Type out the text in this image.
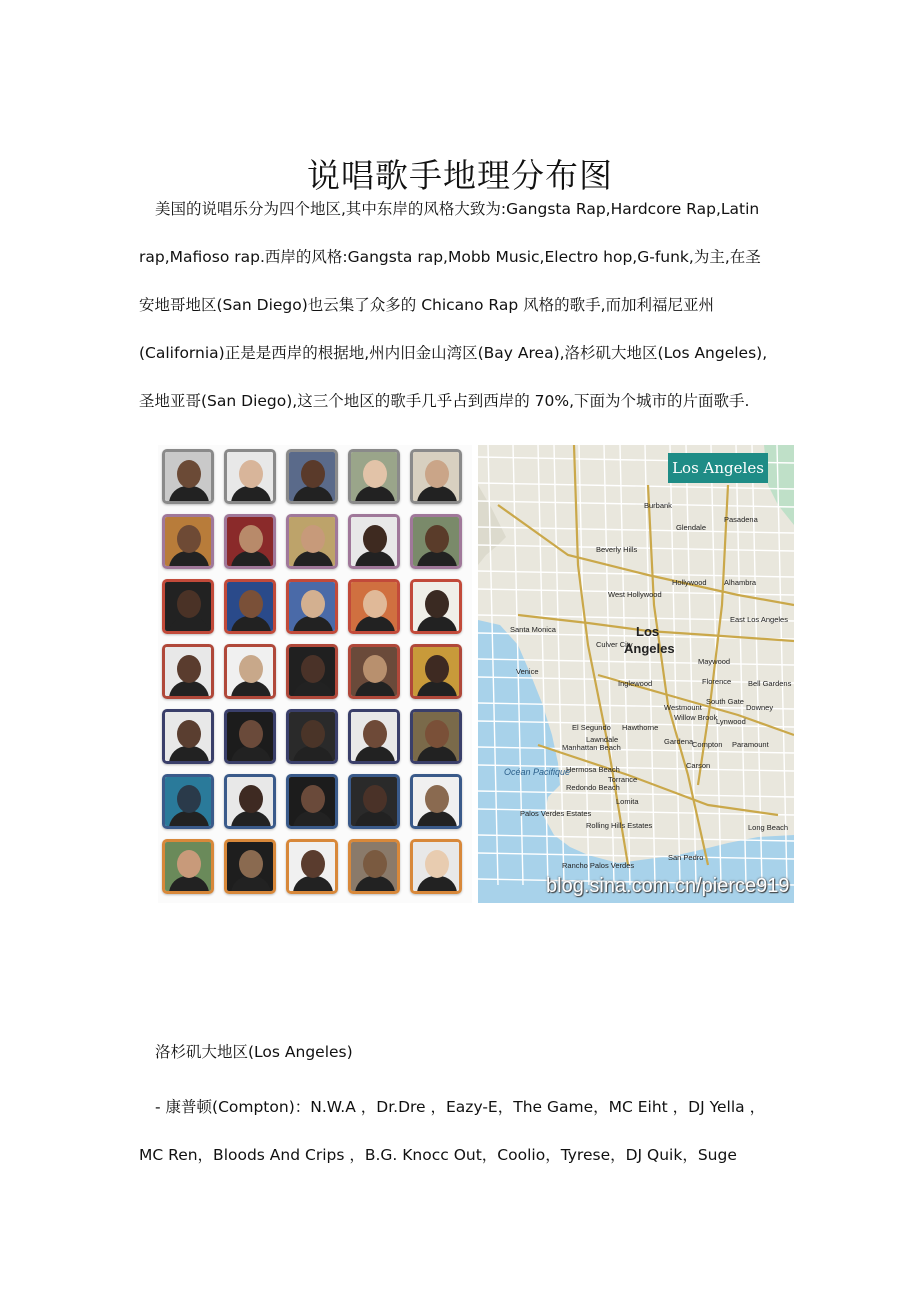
说唱歌手地理分布图
美国的说唱乐分为四个地区,其中东岸的风格大致为:Gangsta Rap,Hardcore Rap,Latin
rap,Mafioso rap.西岸的风格:Gangsta rap,Mobb Music,Electro hop,G-funk,为主,在圣
安地哥地区(San Diego)也云集了众多的 Chicano Rap 风格的歌手,而加利福尼亚州
(California)正是是西岸的根据地,州内旧金山湾区(Bay Area),洛杉矶大地区(Los Angeles),
圣地亚哥(San Diego),这三个地区的歌手几乎占到西岸的 70%,下面为个城市的片面歌手.
Los Angeles
Burbank
Glendale
Pasadena
Beverly Hills
Hollywood
West Hollywood
Alhambra
Santa Monica
Culver City
Los
Angeles
East Los Angeles
Venice
Inglewood
Maywood
Florence Bell Gardens
South Gate
Downey
Lynwood
Willow Brook
Hawthorne
El Segundo
Compton Paramount
Manhattan Beach
Hermosa Beach
Lawndale
Carson
Redondo Beach
Torrance
Océan Pacifique
Lomita
Palos Verdes Estates
Rolling Hills Estates	Long Beach
Rancho Palos Verdes
San Pedro
Gardena
Westmount
blog.sina.com.cn/pierce919
洛杉矶大地区(Los Angeles)
- 康普顿(Compton)：N.W.A ，Dr.Dre ，Eazy-E，The Game，MC Eiht ，DJ Yella ，
MC Ren，Bloods And Crips ，B.G. Knocc Out，Coolio，Tyrese，DJ Quik，Suge
